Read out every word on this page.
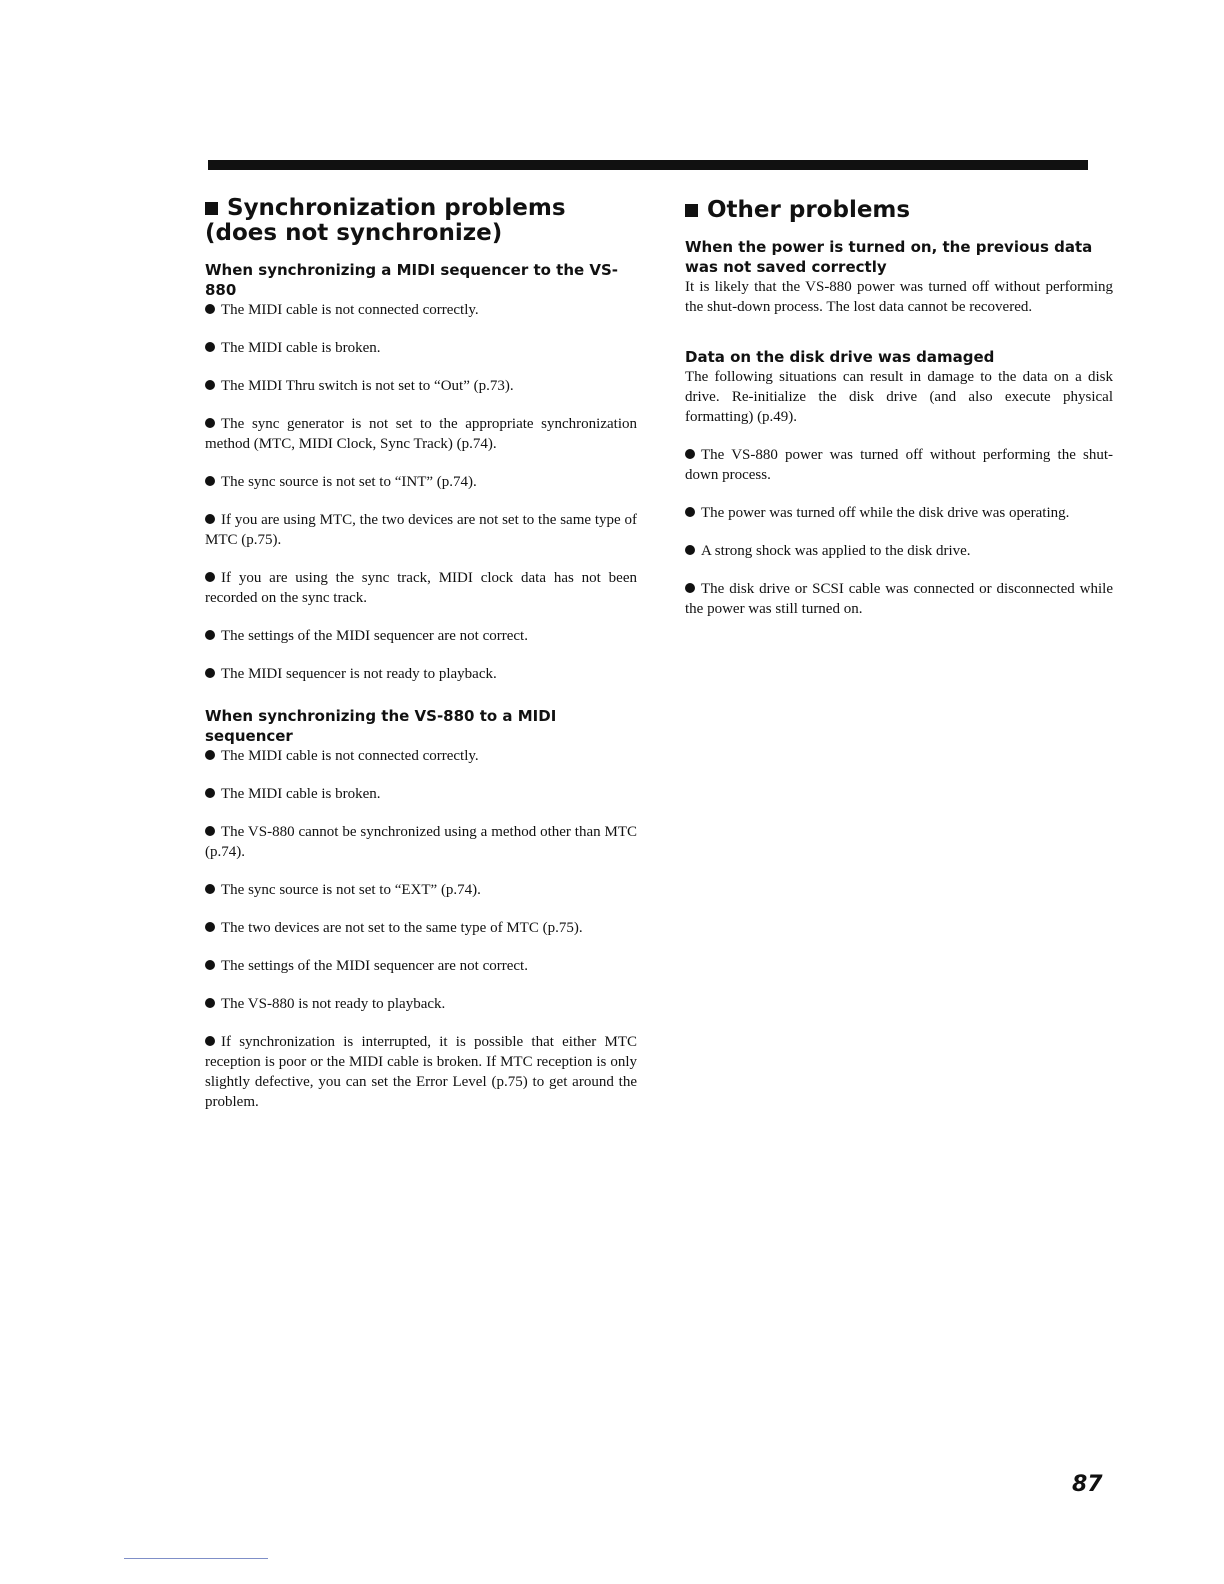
Synchronization problems (does not synchronize)

When synchronizing a MIDI sequencer to the VS-880

The MIDI cable is not connected correctly.

The MIDI cable is broken.

The MIDI Thru switch is not set to “Out” (p.73).

The sync generator is not set to the appropriate synchronization method (MTC, MIDI Clock, Sync Track) (p.74).

The sync source is not set to “INT” (p.74).

If you are using MTC, the two devices are not set to the same type of MTC (p.75).

If you are using the sync track, MIDI clock data has not been recorded on the sync track.

The settings of the MIDI sequencer are not correct.

The MIDI sequencer is not ready to playback.

When synchronizing the VS-880 to a MIDI sequencer

The MIDI cable is not connected correctly.

The MIDI cable is broken.

The VS-880 cannot be synchronized using a method other than MTC (p.74).

The sync source is not set to “EXT” (p.74).

The two devices are not set to the same type of MTC (p.75).

The settings of the MIDI sequencer are not correct.

The VS-880 is not ready to playback.

If synchronization is interrupted, it is possible that either MTC reception is poor or the MIDI cable is broken. If MTC reception is only slightly defective, you can set the Error Level (p.75) to get around the problem.

Other problems

When the power is turned on, the previous data was not saved correctly

It is likely that the VS-880 power was turned off without performing the shut-down process. The lost data cannot be recovered.

Data on the disk drive was damaged

The following situations can result in damage to the data on a disk drive. Re-initialize the disk drive (and also execute physical formatting) (p.49).

The VS-880 power was turned off without performing the shut-down process.

The power was turned off while the disk drive was operating.

A strong shock was applied to the disk drive.

The disk drive or SCSI cable was connected or disconnected while the power was still turned on.

87
